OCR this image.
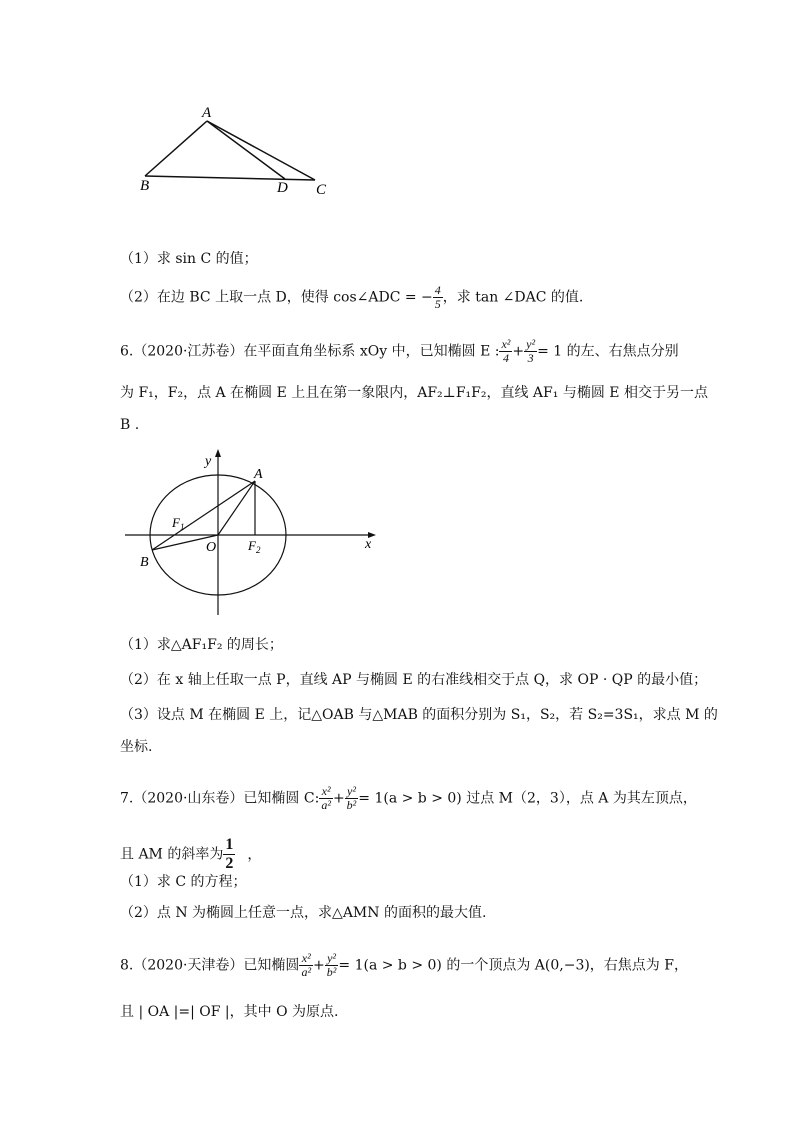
A
B	D C
（1）求 sin C 的值；
（2）在边 BC 上取一点 D，使得 cos∠ADC = − $\frac{4}{5}$ ，求 tan ∠DAC 的值.
6.（2020·江苏卷）在平面直角坐标系 xOy 中，已知椭圆 E : $\frac{\text{x²}}{4} + \frac{\text{y²}}{3} = 1$ 的左、右焦点分别
为 F₁，F₂，点 A 在椭圆 E 上且在第一象限内，AF₂⊥F₁F₂，直线 AF₁ 与椭圆 E 相交于另一点
B .
y
A
$F_1$
O $F_2$	x
B
（1）求△AF₁F₂ 的周长；
（2）在 x 轴上任取一点 P，直线 AP 与椭圆 E 的右准线相交于点 Q，求 OP · QP 的最小值；
（3）设点 M 在椭圆 E 上，记△OAB 与△MAB 的面积分别为 S₁，S₂，若 S₂=3S₁，求点 M 的
坐标.
7.（2020·山东卷）已知椭圆 C: $\frac{\text{x²}}{\text{a²}} + \frac{\text{y²}}{\text{b²}} = 1(a > b > 0)$ 过点 M（2，3），点 A 为其左顶点，
且 AM 的斜率为 $\frac{1}{2}$ ，
（1）求 C 的方程；
（2）点 N 为椭圆上任意一点，求△AMN 的面积的最大值.
8.（2020·天津卷）已知椭圆 $\frac{\text{x²}}{\text{a²}} + \frac{\text{y²}}{\text{b²}} = 1(a > b > 0)$ 的一个顶点为 A(0,−3)，右焦点为 F，
且 | OA |=| OF |，其中 O 为原点.
